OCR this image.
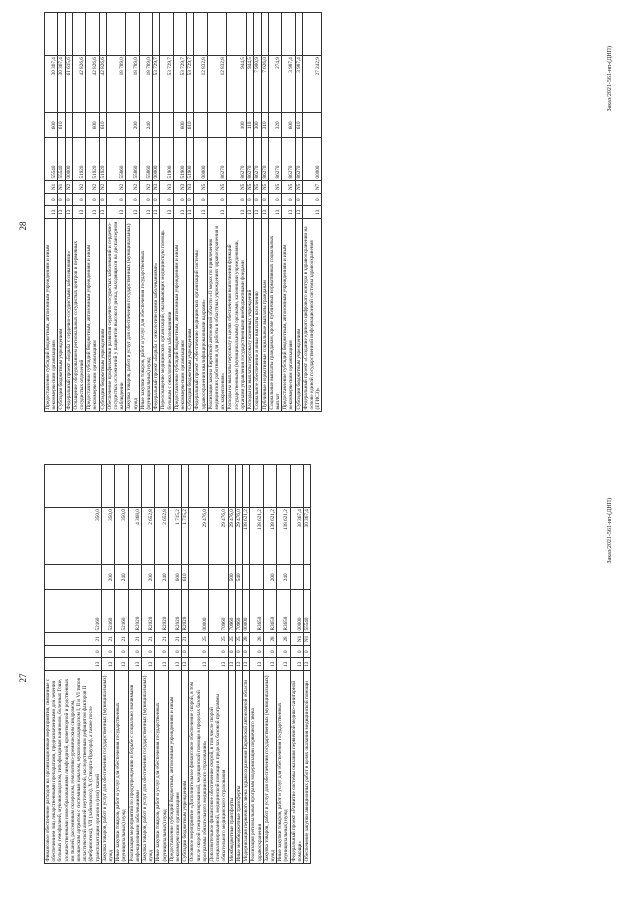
27
Финансовое обеспечение расходов на организационные мероприятия, связанные с обеспечением лиц лекарственными препаратами, предназначенными для лечения больных гемофилией, муковисцидозом, гипофизарным нанизмом, болезнью Гоше, злокачественными новообразованиями лимфоидной, кроветворной и родственных им тканей, рассеянным склерозом, гемолитико-уремическим синдромом, юношеским артритом с системным началом, мукополисахаридозом I, II и VI типов апластической анемией неуточненной, наследственным дефицитом факторов II (фибриногена), VII (лабильного), X (Стюарта-Прауэра), а также после трансплантации органов и (или) тканей	13	0	21	52160		350,0	
Закупка товаров, работ и услуг для обеспечения государственных (муниципальных) нужд	13	0	21	52160	200	350,0	
Иные закупки товаров, работ и услуг для обеспечения государственных (муниципальных) нужд	13	0	21	52160	240	350,0	
Реализация мероприятий по предупреждению и борьбе с социально значимыми инфекционными заболеваниями	13	0	21	R2020		4 368,0	
Закупка товаров, работ и услуг для обеспечения государственных (муниципальных) нужд	13	0	21	R2020	200	2 652,8	
Иные закупки товаров, работ и услуг для обеспечения государственных (муниципальных) нужд	13	0	21	R2020	240	2 652,8	
Предоставление субсидий бюджетным, автономным учреждениям и иным некоммерческим организациям	13	0	21	R2020	600	1 715,2	
Субсидии бюджетным учреждениям	13	0	21	R2020	610	1 715,2	
Основное мероприятие «Дополнительное финансовое обеспечение скорой, в том числе скорой специализированной, медицинской помощи в пределах базовой программы обязательного медицинского страхования»	13	0	25	00000		29 476,0	
Дополнительное финансовое обеспечение скорой, в том числе скорой специализированной, медицинской помощи в пределах базовой программы обязательного медицинского страхования	13	0	25	70960		29 476,0	
Межбюджетные трансферты	13	0	25	70960	500	29 476,0	
Иные межбюджетные трансферты	13	0	25	70960	540	29 476,0	
Модернизация первичного звена здравоохранения Еврейской автономной области	13	0	28	00000		138 621,2	
Реализация региональных программ модернизации первичного звена здравоохранения	13	0	28	R3650		138 621,2	
Закупка товаров, работ и услуг для обеспечения государственных (муниципальных) нужд	13	0	28	R3650	200	138 621,2	
Иные закупки товаров, работ и услуг для обеспечения государственных (муниципальных) нужд	13	0	28	R3650	240	138 621,2	
Федеральный проект «Развитие системы оказания первичной медико-санитарной помощи»	13	0	N1	00000		30 367,4	
Обеспечение закупки авиационных работ в целях оказания медицинской помощи	13	0	N1	55540		30 367,4		Заказ/2021-561-нп-(ДНП)
28
Предоставление субсидий бюджетным, автономным учреждениям и иным некоммерческим организациям	13	0	N1	55540	600	30 367,4	
Субсидии бюджетным учреждениям	13	0	N1	55540	610	30 367,4	
Федеральный проект «Борьба с сердечно-сосудистыми заболеваниями»	13	0	N2	00000		61 615,6	
Оснащение оборудованием региональных сосудистых центров и первичных сосудистых отделений	13	0	N2	51920		42 826,6	
Предоставление субсидий бюджетным, автономным учреждениям и иным некоммерческим организациям	13	0	N2	51920	600	42 826,6	
Субсидии бюджетным учреждениям	13	0	N2	51920	610	42 826,6	
Обеспечение профилактики развития сердечно-сосудистых заболеваний и сердечно-сосудистых осложнений у пациентов высокого риска, находящихся на диспансерном наблюдении	13	0	N2	55860		18 789,0	
Закупка товаров, работ и услуг для обеспечения государственных (муниципальных) нужд	13	0	N2	55860	200	18 789,0	
Иные закупки товаров, работ и услуг для обеспечения государственных (муниципальных) нужд	13	0	N2	55860	240	18 789,0	
Федеральный проект «Борьба с онкологическими заболеваниями»	13	0	N3	00000		53 729,7	
Переоснащение медицинских организаций, оказывающих медицинскую помощь больным с онкологическими заболеваниями	13	0	N3	51900		53 729,7	
Предоставление субсидий бюджетным, автономным учреждениям и иным некоммерческим организациям	13	0	N3	51900	600	53 729,7	
Субсидии бюджетным учреждениям	13	0	N3	51900	610	53 729,7	
Федеральный проект «Обеспечение медицинских организаций системы здравоохранения квалифицированными кадрами»	13	0	N5	00000		12 832,8	
Реализация закона Еврейской автономной области «О мерах по привлечению медицинских работников для работы в областных учреждениях здравоохранения и их закрепления»	13	0	N5	86270		12 832,8	
Расходы на выплаты персоналу в целях обеспечения выполнения функций государственными (муниципальными) органами, казенными учреждениями, органами управления государственными внебюджетными фондами	13	0	N5	86270	100	944,5	
Расходы на выплаты персоналу казенных учреждений	13	0	N5	86270	110	944,5	
Социальное обеспечение и иные выплаты населению	13	0	N5	86270	300	7 900,9	
Публичные нормативные социальные выплаты гражданам	13	0	N5	86270	310	7 626,0	
Социальные выплаты гражданам, кроме публичных нормативных социальных выплат	13	0	N5	86270	320	274,9	
Предоставление субсидий бюджетным, автономным учреждениям и иным некоммерческим организациям	13	0	N5	86270	600	3 987,4	
Субсидии бюджетным учреждениям	13	0	N5	86270	610	3 987,4	
Федеральный проект «Создание единого цифрового контура в здравоохранении на основе единой государственной информационной системы здравоохранения (ЕГИСЗ)»	13	0	N7	00000		27 242,9		Заказ/2021-561-нп-(ДНП)
